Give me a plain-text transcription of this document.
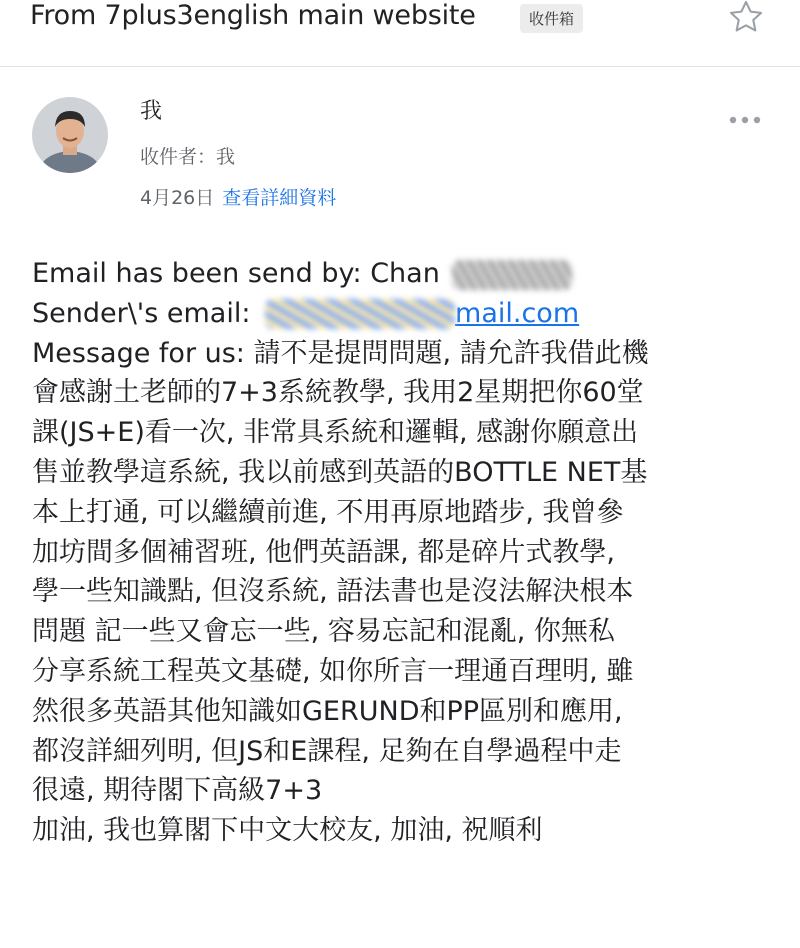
From 7plus3english main website	收件箱
我
收件者：我
4月26日 查看詳細資料
Email has been send by: Chan
Sender\'s email:	mail.com
Message for us: 請不是提問問題, 請允許我借此機
會感謝土老師的7+3系統教學, 我用2星期把你60堂
課(JS+E)看一次, 非常具系統和邏輯, 感謝你願意出
售並教學這系統, 我以前感到英語的BOTTLE NET基
本上打通, 可以繼續前進, 不用再原地踏步, 我曾參
加坊間多個補習班, 他們英語課, 都是碎片式教學,
學一些知識點, 但沒系統, 語法書也是沒法解決根本
問題 記一些又會忘一些, 容易忘記和混亂, 你無私
分享系統工程英文基礎, 如你所言一理通百理明, 雖
然很多英語其他知識如GERUND和PP區別和應用,
都沒詳細列明, 但JS和E課程, 足夠在自學過程中走
很遠, 期待閣下高級7+3
加油, 我也算閣下中文大校友, 加油, 祝順利
